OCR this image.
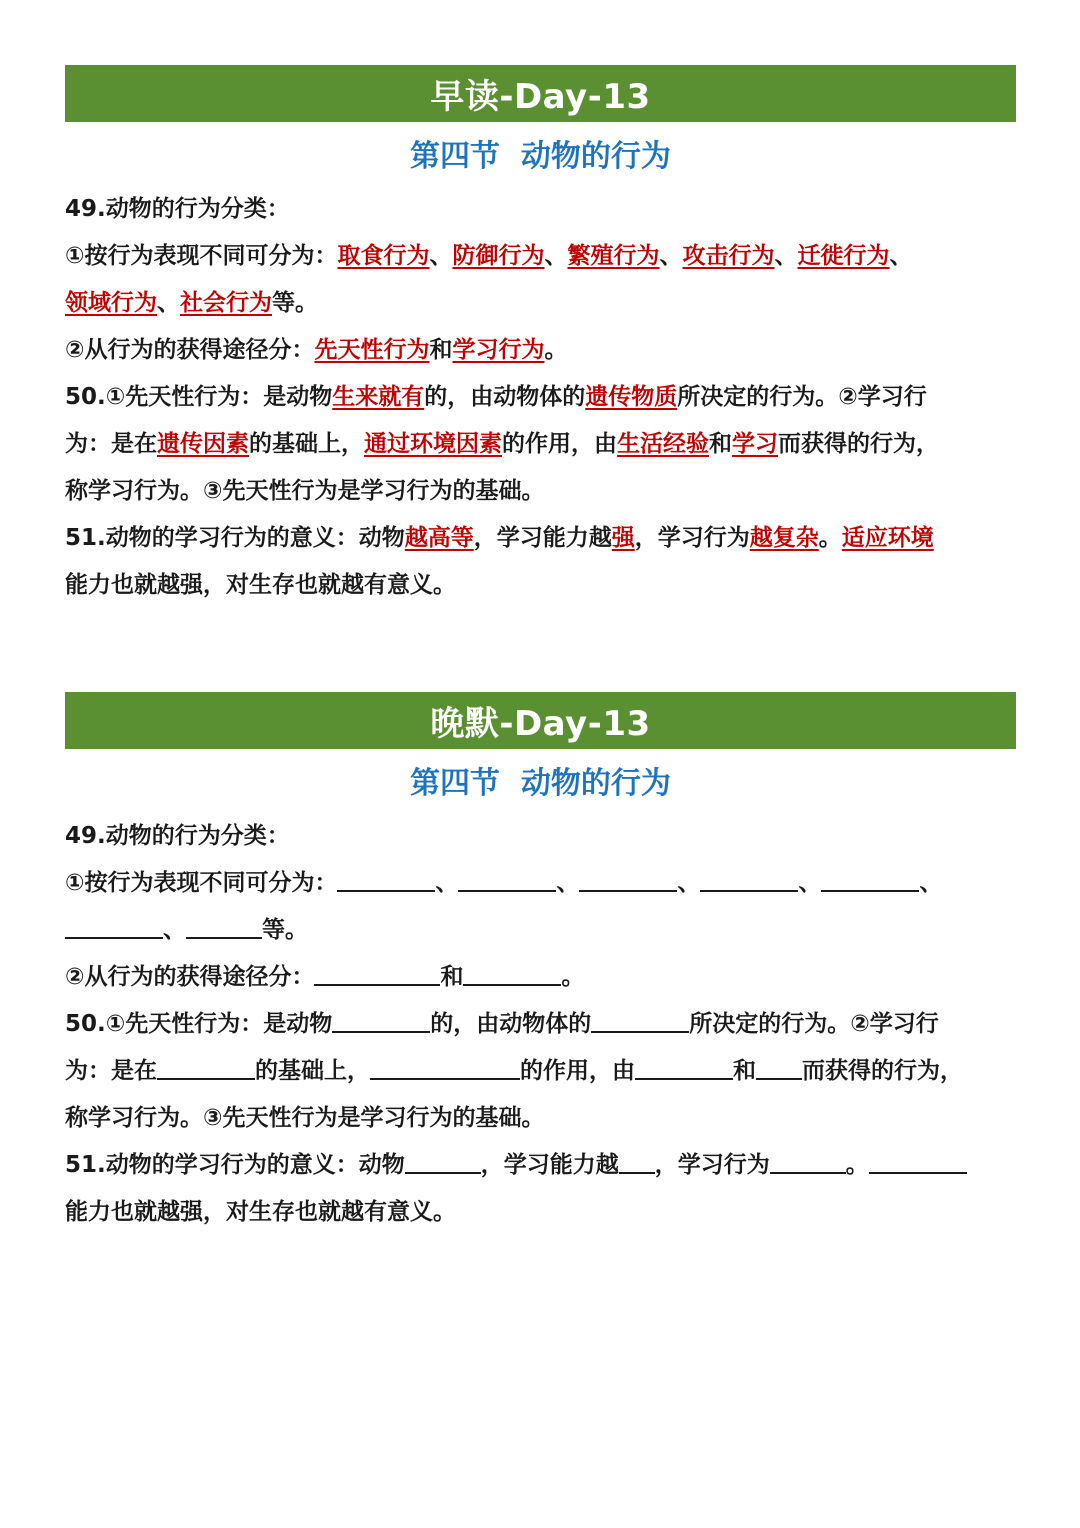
早读-Day-13
第四节  动物的行为
49.动物的行为分类：
①按行为表现不同可分为：取食行为、防御行为、繁殖行为、攻击行为、迁徙行为、
领域行为、社会行为等。
②从行为的获得途径分：先天性行为和学习行为。
50.①先天性行为：是动物生来就有的，由动物体的遗传物质所决定的行为。②学习行
为：是在遗传因素的基础上，通过环境因素的作用，由生活经验和学习而获得的行为，
称学习行为。③先天性行为是学习行为的基础。
51.动物的学习行为的意义：动物越高等，学习能力越强，学习行为越复杂。适应环境
能力也就越强，对生存也就越有意义。
晚默-Day-13
第四节  动物的行为
49.动物的行为分类：
①按行为表现不同可分为：	、	、	、	、	、
、	等。
②从行为的获得途径分：	和	。
50.①先天性行为：是动物	的，由动物体的	所决定的行为。②学习行
为：是在	的基础上，	的作用，由	和 而获得的行为，
称学习行为。③先天性行为是学习行为的基础。
51.动物的学习行为的意义：动物	，学习能力越 ，学习行为	。
能力也就越强，对生存也就越有意义。
